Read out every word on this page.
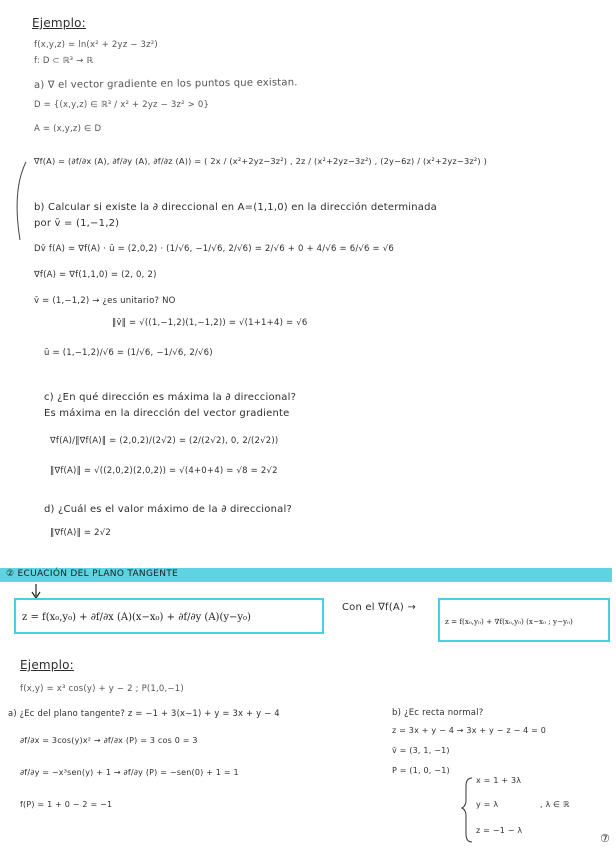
Ejemplo:
f(x,y,z) = ln(x² + 2yz − 3z²)
f: D ⊂ ℝ³ → ℝ
a) ∇ el vector gradiente en los puntos que existan.
D = {(x,y,z) ∈ ℝ³ / x² + 2yz − 3z² > 0}
A = (x,y,z) ∈ D
∇f(A) = (∂f/∂x (A), ∂f/∂y (A), ∂f/∂z (A)) = ( 2x / (x²+2yz−3z²) , 2z / (x²+2yz−3z²) , (2y−6z) / (x²+2yz−3z²) )
b) Calcular si existe la ∂ direccional en A=(1,1,0) en la dirección determinada
por v̄ = (1,−1,2)
Dv̄ f(A) = ∇f(A) · ū = (2,0,2) · (1/√6, −1/√6, 2/√6) = 2/√6 + 0 + 4/√6 = 6/√6 = √6
∇f(A) = ∇f(1,1,0) = (2, 0, 2)
v̄ = (1,−1,2) → ¿es unitario? NO
‖v̄‖ = √((1,−1,2)(1,−1,2)) = √(1+1+4) = √6
ū = (1,−1,2)/√6 = (1/√6, −1/√6, 2/√6)
c) ¿En qué dirección es máxima la ∂ direccional?
Es máxima en la dirección del vector gradiente
∇f(A)/‖∇f(A)‖ = (2,0,2)/(2√2) = (2/(2√2), 0, 2/(2√2))
‖∇f(A)‖ = √((2,0,2)(2,0,2)) = √(4+0+4) = √8 = 2√2
d) ¿Cuál es el valor máximo de la ∂ direccional?
‖∇f(A)‖ = 2√2
② ECUACIÓN DEL PLANO TANGENTE
z = f(x₀,y₀) + ∂f/∂x (A)(x−x₀) + ∂f/∂y (A)(y−y₀)
Con el ∇f(A) →
z = f(x₀,y₀) + ∇f(x₀,y₀) (x−x₀ ; y−y₀)
Ejemplo:
f(x,y) = x³ cos(y) + y − 2 ; P(1,0,−1)
a) ¿Ec del plano tangente? z = −1 + 3(x−1) + y = 3x + y − 4
∂f/∂x = 3cos(y)x² → ∂f/∂x (P) = 3 cos 0 = 3
∂f/∂y = −x³sen(y) + 1 → ∂f/∂y (P) = −sen(0) + 1 = 1
f(P) = 1 + 0 − 2 = −1
b) ¿Ec recta normal?
z = 3x + y − 4 → 3x + y − z − 4 = 0
v̄ = (3, 1, −1)
P = (1, 0, −1)
x = 1 + 3λ
y = λ
z = −1 − λ
, λ ∈ ℝ
⑦
